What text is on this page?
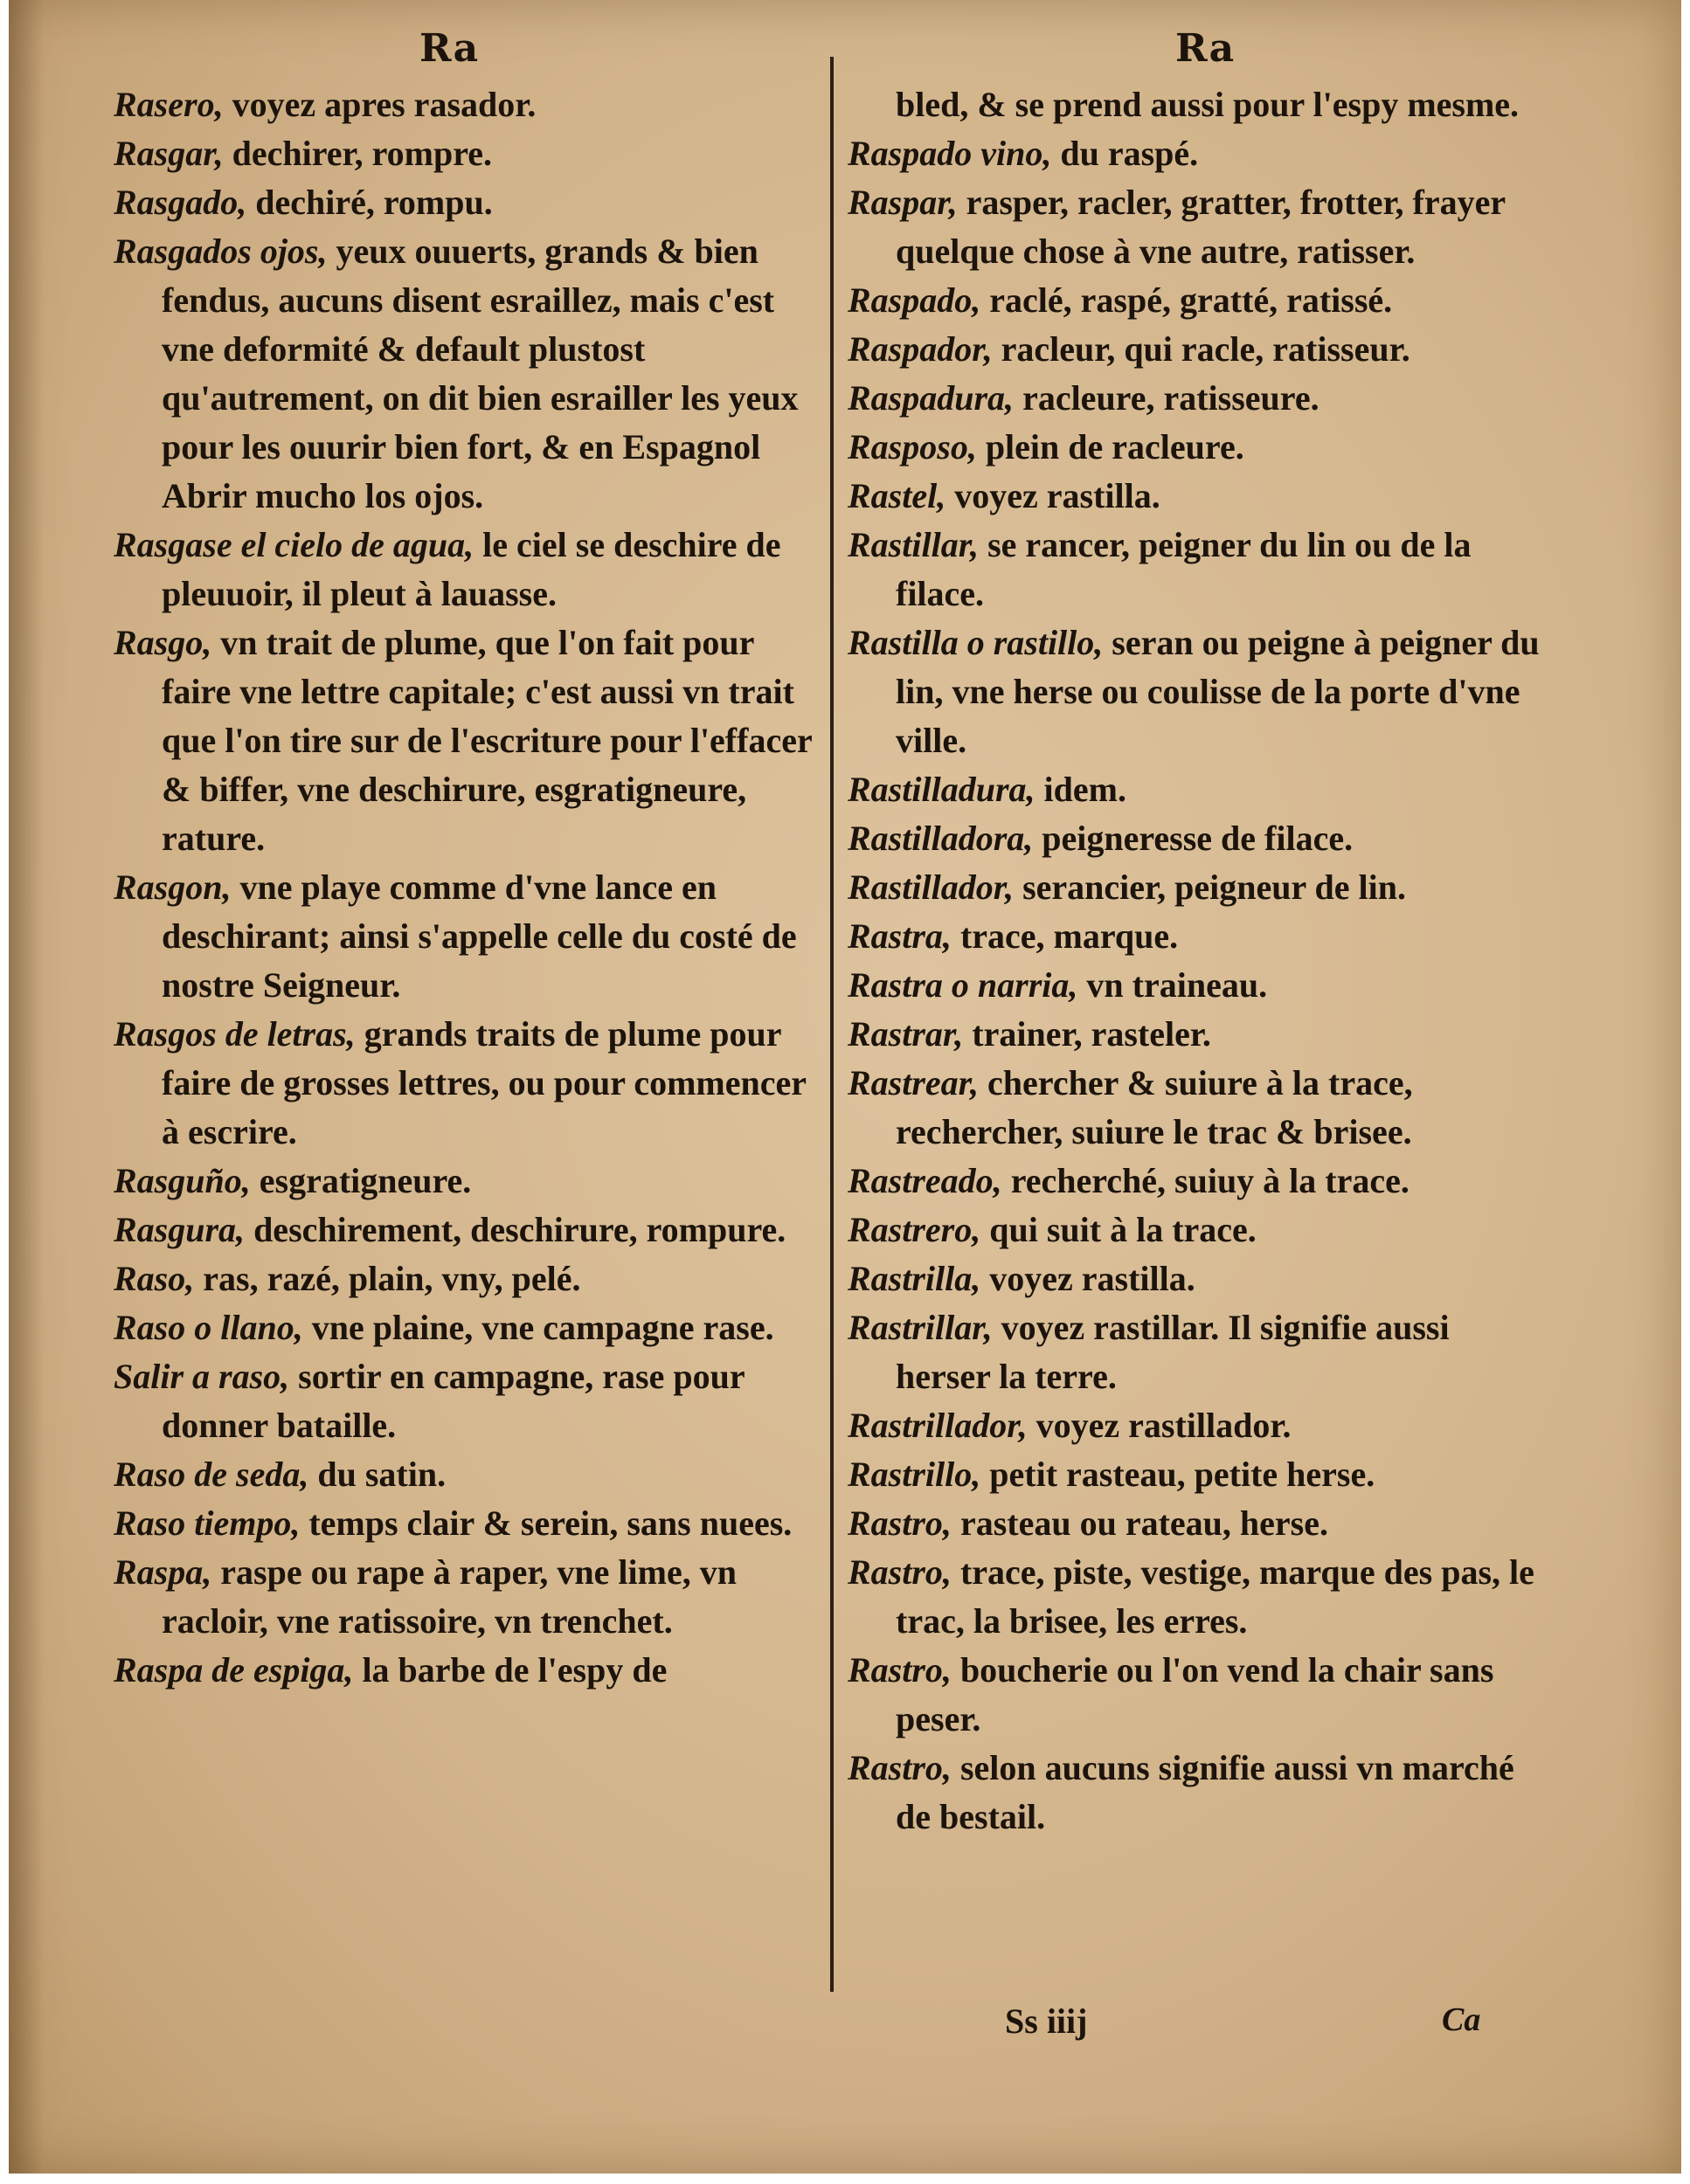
Ra	Ra

Rasero, voyez apres rasador.

Rasgar, dechirer, rompre.

Rasgado, dechiré, rompu.

Rasgados ojos, yeux ouuerts, grands & bien fendus, aucuns disent esraillez, mais c'est vne deformité & default plustost qu'autrement, on dit bien esrailler les yeux pour les ouurir bien fort, & en Espagnol Abrir mucho los ojos.

Rasgase el cielo de agua, le ciel se deschire de pleuuoir, il pleut à lauasse.

Rasgo, vn trait de plume, que l'on fait pour faire vne lettre capitale; c'est aussi vn trait que l'on tire sur de l'escriture pour l'effacer & biffer, vne deschirure, esgratigneure, rature.

Rasgon, vne playe comme d'vne lance en deschirant; ainsi s'appelle celle du costé de nostre Seigneur.

Rasgos de letras, grands traits de plume pour faire de grosses lettres, ou pour commencer à escrire.

Rasguño, esgratigneure.

Rasgura, deschirement, deschirure, rompure.

Raso, ras, razé, plain, vny, pelé.

Raso o llano, vne plaine, vne campagne rase.

Salir a raso, sortir en campagne, rase pour donner bataille.

Raso de seda, du satin.

Raso tiempo, temps clair & serein, sans nuees.

Raspa, raspe ou rape à raper, vne lime, vn racloir, vne ratissoire, vn trenchet.

Raspa de espiga, la barbe de l'espy de

bled, & se prend aussi pour l'espy mesme.

Raspado vino, du raspé.

Raspar, rasper, racler, gratter, frotter, frayer quelque chose à vne autre, ratisser.

Raspado, raclé, raspé, gratté, ratissé.

Raspador, racleur, qui racle, ratisseur.

Raspadura, racleure, ratisseure.

Rasposo, plein de racleure.

Rastel, voyez rastilla.

Rastillar, se rancer, peigner du lin ou de la filace.

Rastilla o rastillo, seran ou peigne à peigner du lin, vne herse ou coulisse de la porte d'vne ville.

Rastilladura, idem.

Rastilladora, peigneresse de filace.

Rastillador, serancier, peigneur de lin.

Rastra, trace, marque.

Rastra o narria, vn traineau.

Rastrar, trainer, rasteler.

Rastrear, chercher & suiure à la trace, rechercher, suiure le trac & brisee.

Rastreado, recherché, suiuy à la trace.

Rastrero, qui suit à la trace.

Rastrilla, voyez rastilla.

Rastrillar, voyez rastillar. Il signifie aussi herser la terre.

Rastrillador, voyez rastillador.

Rastrillo, petit rasteau, petite herse.

Rastro, rasteau ou rateau, herse.

Rastro, trace, piste, vestige, marque des pas, le trac, la brisee, les erres.

Rastro, boucherie ou l'on vend la chair sans peser.

Rastro, selon aucuns signifie aussi vn marché de bestail.

Ss iiij	Ca
